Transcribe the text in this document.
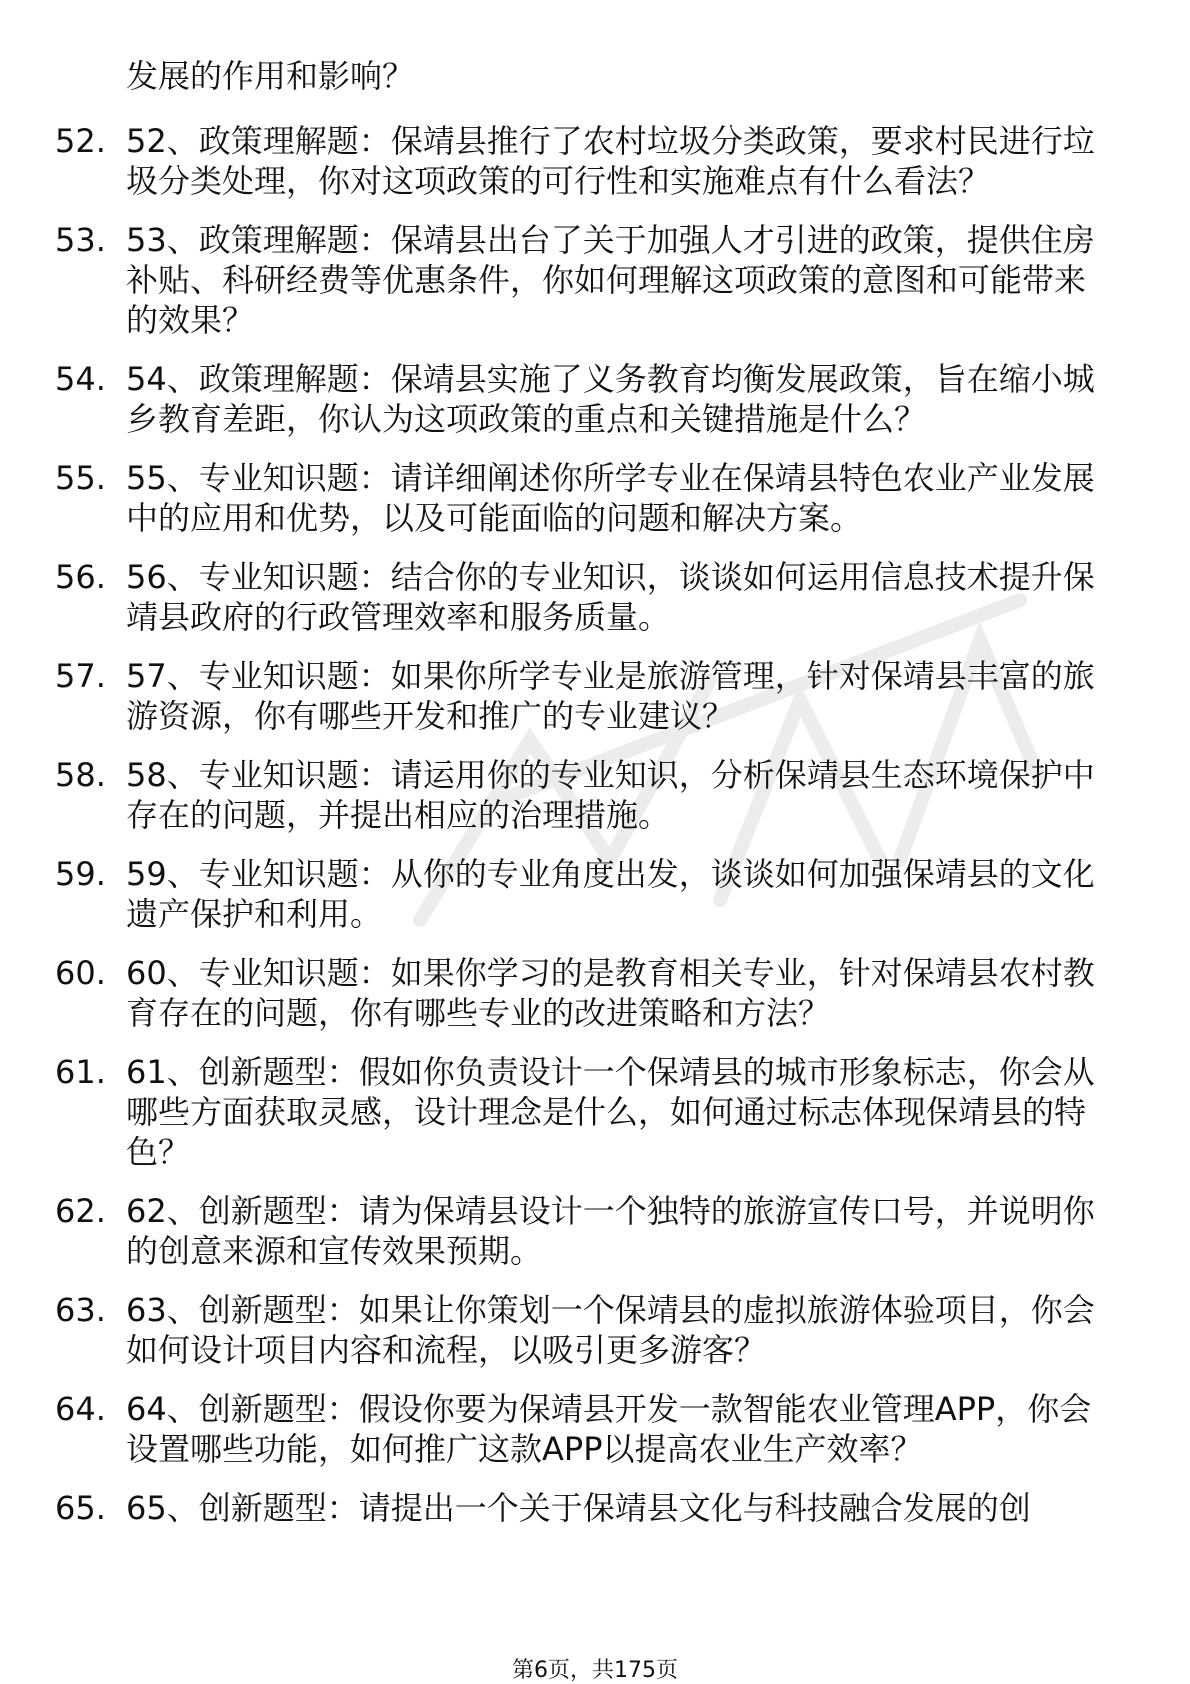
发展的作用和影响？
52. 52、政策理解题：保靖县推行了农村垃圾分类政策，要求村民进行垃圾分类处理，你对这项政策的可行性和实施难点有什么看法？
53. 53、政策理解题：保靖县出台了关于加强人才引进的政策，提供住房补贴、科研经费等优惠条件，你如何理解这项政策的意图和可能带来的效果？
54. 54、政策理解题：保靖县实施了义务教育均衡发展政策，旨在缩小城乡教育差距，你认为这项政策的重点和关键措施是什么？
55. 55、专业知识题：请详细阐述你所学专业在保靖县特色农业产业发展中的应用和优势，以及可能面临的问题和解决方案。
56. 56、专业知识题：结合你的专业知识，谈谈如何运用信息技术提升保靖县政府的行政管理效率和服务质量。
57. 57、专业知识题：如果你所学专业是旅游管理，针对保靖县丰富的旅游资源，你有哪些开发和推广的专业建议？
58. 58、专业知识题：请运用你的专业知识，分析保靖县生态环境保护中存在的问题，并提出相应的治理措施。
59. 59、专业知识题：从你的专业角度出发，谈谈如何加强保靖县的文化遗产保护和利用。
60. 60、专业知识题：如果你学习的是教育相关专业，针对保靖县农村教育存在的问题，你有哪些专业的改进策略和方法？
61. 61、创新题型：假如你负责设计一个保靖县的城市形象标志，你会从哪些方面获取灵感，设计理念是什么，如何通过标志体现保靖县的特色？
62. 62、创新题型：请为保靖县设计一个独特的旅游宣传口号，并说明你的创意来源和宣传效果预期。
63. 63、创新题型：如果让你策划一个保靖县的虚拟旅游体验项目，你会如何设计项目内容和流程，以吸引更多游客？
64. 64、创新题型：假设你要为保靖县开发一款智能农业管理APP，你会设置哪些功能，如何推广这款APP以提高农业生产效率？
65. 65、创新题型：请提出一个关于保靖县文化与科技融合发展的创
第6页，共175页
